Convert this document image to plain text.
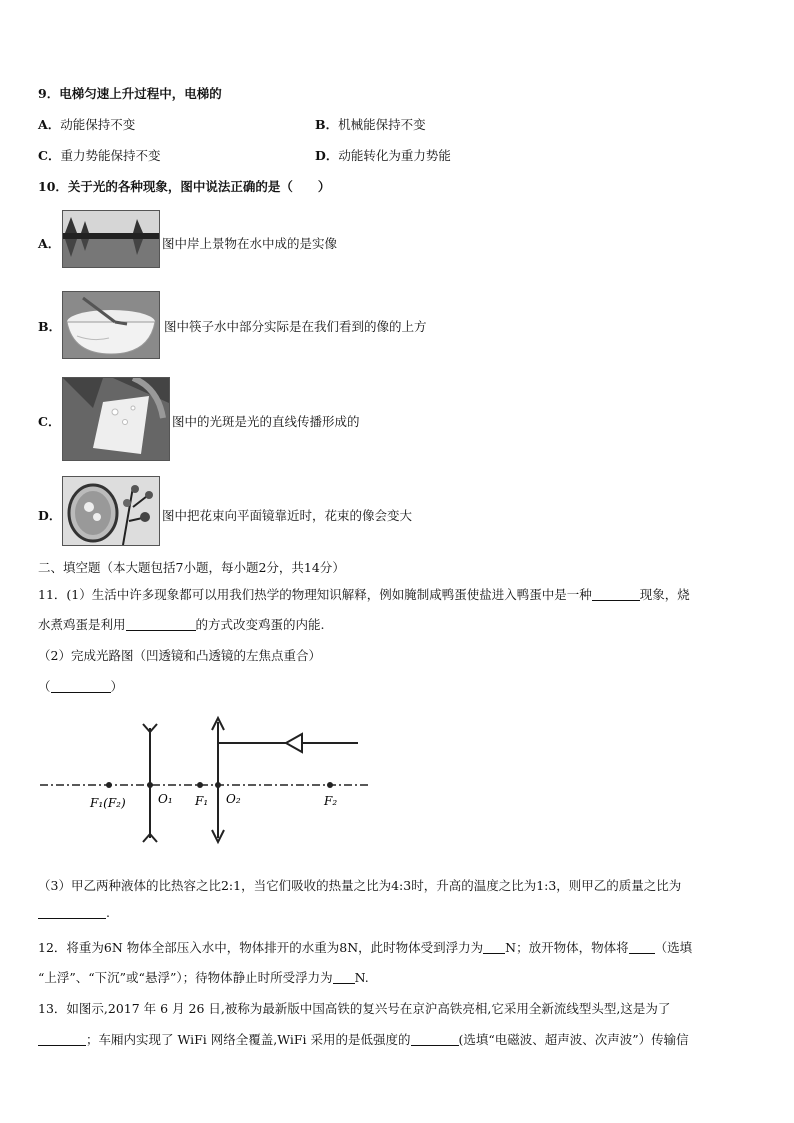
9．电梯匀速上升过程中，电梯的
A．动能保持不变	B．机械能保持不变
C．重力势能保持不变	D．动能转化为重力势能
10．关于光的各种现象，图中说法正确的是（　　）
A．	图中岸上景物在水中成的是实像
B．	图中筷子水中部分实际是在我们看到的像的上方
C．	图中的光斑是光的直线传播形成的
D．	图中把花束向平面镜靠近时，花束的像会变大
二、填空题（本大题包括7小题，每小题2分，共14分）
11．(1）生活中许多现象都可以用我们热学的物理知识解释，例如腌制咸鸭蛋使盐进入鸭蛋中是一种	现象，烧
水煮鸡蛋是利用	的方式改变鸡蛋的内能.
（2）完成光路图（凹透镜和凸透镜的左焦点重合）
（	）
F₁(F₂)	O₁ F₁ O₂	F₂
（3）甲乙两种液体的比热容之比2:1，当它们吸收的热量之比为4:3时，升高的温度之比为1:3，则甲乙的质量之比为
.
12．将重为6N 物体全部压入水中，物体排开的水重为8N，此时物体受到浮力为 N；放开物体，物体将 （选填
“上浮”、“下沉”或“悬浮”）；待物体静止时所受浮力为 N.
13．如图示,2017 年 6 月 26 日,被称为最新版中国高铁的复兴号在京沪高铁亮相,它采用全新流线型头型,这是为了
；车厢内实现了 WiFi 网络全覆盖,WiFi 采用的是低强度的	(选填“电磁波、超声波、次声波”）传输信
